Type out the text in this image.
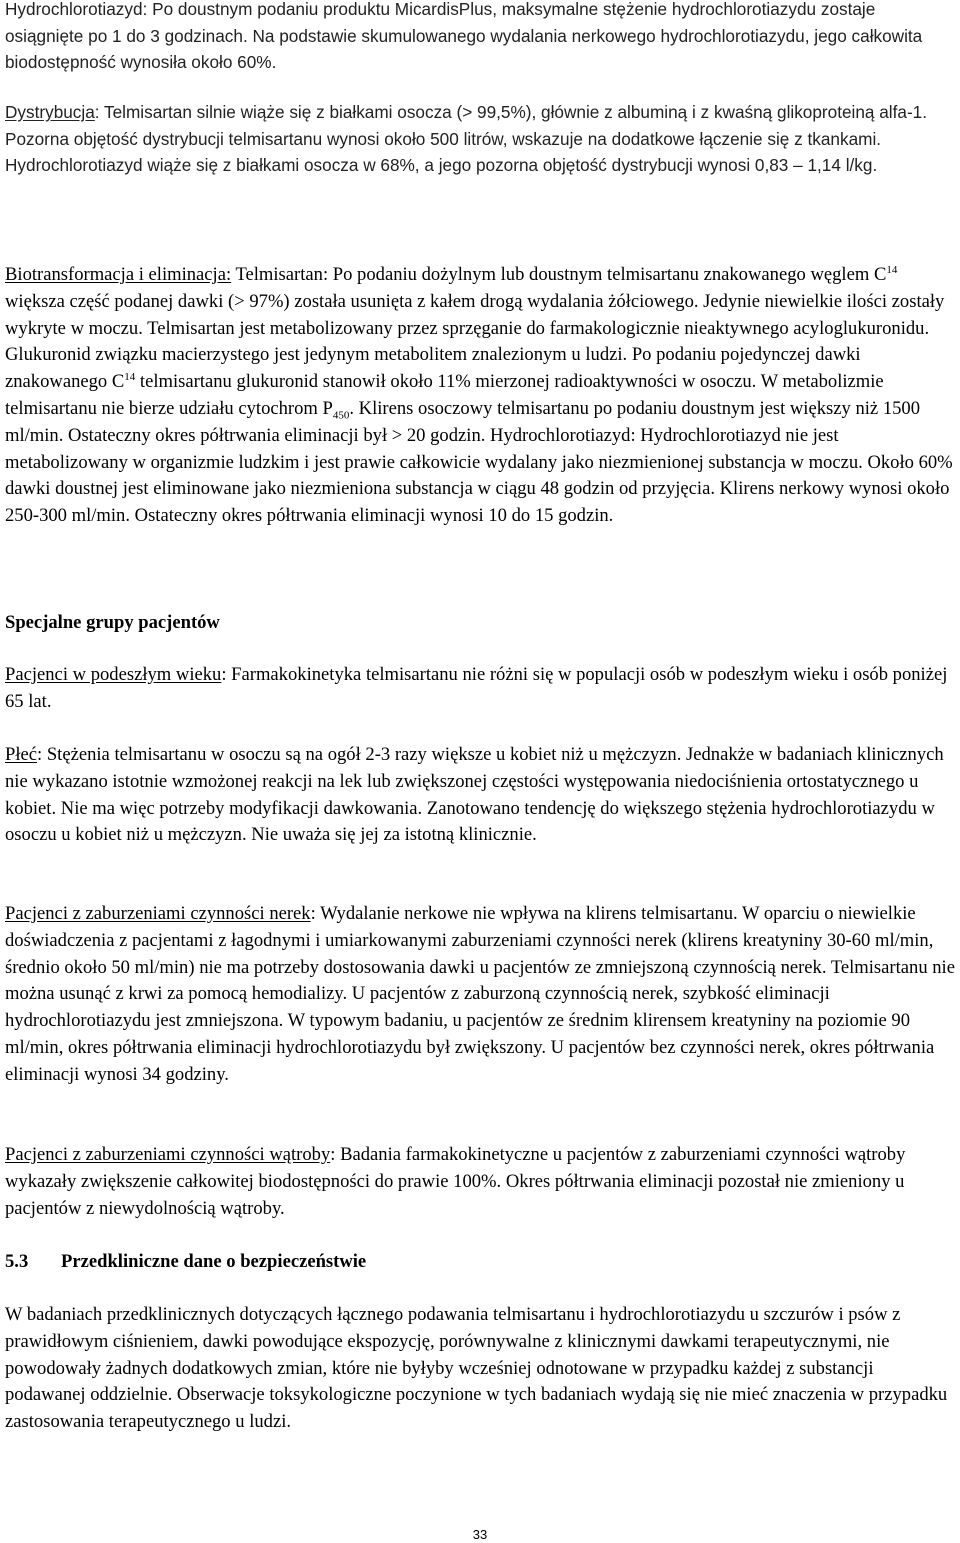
Hydrochlorotiazyd: Po doustnym podaniu produktu MicardisPlus, maksymalne stężenie hydrochlorotiazydu zostaje osiągnięte po 1 do 3 godzinach. Na podstawie skumulowanego wydalania nerkowego hydrochlorotiazydu, jego całkowita biodostępność wynosiła około 60%.

Dystrybucja: Telmisartan silnie wiąże się z białkami osocza (> 99,5%), głównie z albuminą i z kwaśną glikoproteiną alfa-1. Pozorna objętość dystrybucji telmisartanu wynosi około 500 litrów, wskazuje na dodatkowe łączenie się z tkankami.
Hydrochlorotiazyd wiąże się z białkami osocza w 68%, a jego pozorna objętość dystrybucji wynosi 0,83 – 1,14 l/kg.

Biotransformacja i eliminacja: Telmisartan: Po podaniu dożylnym lub doustnym telmisartanu znakowanego węglem $C^{14}$ większa część podanej dawki (> 97%) została usunięta z kałem drogą wydalania żółciowego. Jedynie niewielkie ilości zostały wykryte w moczu. Telmisartan jest metabolizowany przez sprzęganie do farmakologicznie nieaktywnego acyloglukuronidu. Glukuronid związku macierzystego jest jedynym metabolitem znalezionym u ludzi. Po podaniu pojedynczej dawki znakowanego $C^{14}$ telmisartanu glukuronid stanowił około 11% mierzonej radioaktywności w osoczu. W metabolizmie telmisartanu nie bierze udziału cytochrom $P_{450}$. Klirens osoczowy telmisartanu po podaniu doustnym jest większy niż 1500 ml/min. Ostateczny okres półtrwania eliminacji był > 20 godzin. Hydrochlorotiazyd: Hydrochlorotiazyd nie jest metabolizowany w organizmie ludzkim i jest prawie całkowicie wydalany jako niezmienionej substancja w moczu. Około 60% dawki doustnej jest eliminowane jako niezmieniona substancja w ciągu 48 godzin od przyjęcia. Klirens nerkowy wynosi około 250-300 ml/min. Ostateczny okres półtrwania eliminacji wynosi 10 do 15 godzin.

Specjalne grupy pacjentów

Pacjenci w podeszłym wieku: Farmakokinetyka telmisartanu nie różni się w populacji osób w podeszłym wieku i osób poniżej 65 lat.

Płeć: Stężenia telmisartanu w osoczu są na ogół 2-3 razy większe u kobiet niż u mężczyzn. Jednakże w badaniach klinicznych nie wykazano istotnie wzmożonej reakcji na lek lub zwiększonej częstości występowania niedociśnienia ortostatycznego u kobiet. Nie ma więc potrzeby modyfikacji dawkowania. Zanotowano tendencję do większego stężenia hydrochlorotiazydu w osoczu u kobiet niż u mężczyzn. Nie uważa się jej za istotną klinicznie.

Pacjenci z zaburzeniami czynności nerek: Wydalanie nerkowe nie wpływa na klirens telmisartanu. W oparciu o niewielkie doświadczenia z pacjentami z łagodnymi i umiarkowanymi zaburzeniami czynności nerek (klirens kreatyniny 30-60 ml/min, średnio około 50 ml/min) nie ma potrzeby dostosowania dawki u pacjentów ze zmniejszoną czynnością nerek. Telmisartanu nie można usunąć z krwi za pomocą hemodializy. U pacjentów z zaburzoną czynnością nerek, szybkość eliminacji hydrochlorotiazydu jest zmniejszona. W typowym badaniu, u pacjentów ze średnim klirensem kreatyniny na poziomie 90 ml/min, okres półtrwania eliminacji hydrochlorotiazydu był zwiększony. U pacjentów bez czynności nerek, okres półtrwania eliminacji wynosi 34 godziny.

Pacjenci z zaburzeniami czynności wątroby: Badania farmakokinetyczne u pacjentów z zaburzeniami czynności wątroby wykazały zwiększenie całkowitej biodostępności do prawie 100%. Okres półtrwania eliminacji pozostał nie zmieniony u pacjentów z niewydolnością wątroby.

5.3 Przedkliniczne dane o bezpieczeństwie

W badaniach przedklinicznych dotyczących łącznego podawania telmisartanu i hydrochlorotiazydu u szczurów i psów z prawidłowym ciśnieniem, dawki powodujące ekspozycję, porównywalne z klinicznymi dawkami terapeutycznymi, nie powodowały żadnych dodatkowych zmian, które nie byłyby wcześniej odnotowane w przypadku każdej z substancji podawanej oddzielnie. Obserwacje toksykologiczne poczynione w tych badaniach wydają się nie mieć znaczenia w przypadku zastosowania terapeutycznego u ludzi.

33
